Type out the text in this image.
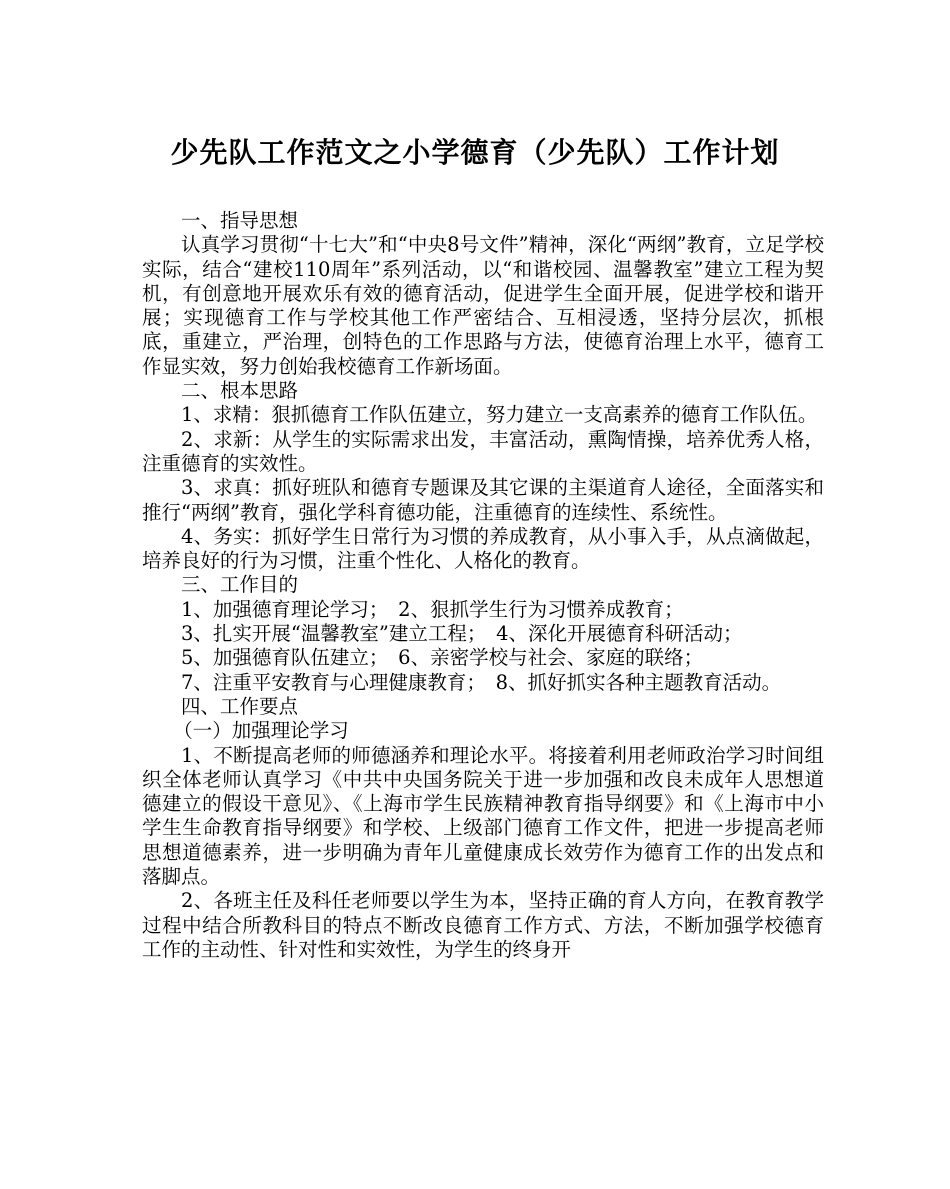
少先队工作范文之小学德育（少先队）工作计划

一、指导思想

认真学习贯彻“十七大”和“中央8号文件”精神，深化“两纲”教育，立足学校实际，结合“建校110周年”系列活动，以“和谐校园、温馨教室”建立工程为契机，有创意地开展欢乐有效的德育活动，促进学生全面开展，促进学校和谐开展；实现德育工作与学校其他工作严密结合、互相浸透，坚持分层次，抓根底，重建立，严治理，创特色的工作思路与方法，使德育治理上水平，德育工作显实效，努力创始我校德育工作新场面。

二、根本思路

1、求精：狠抓德育工作队伍建立，努力建立一支高素养的德育工作队伍。

2、求新：从学生的实际需求出发，丰富活动，熏陶情操，培养优秀人格，注重德育的实效性。

3、求真：抓好班队和德育专题课及其它课的主渠道育人途径，全面落实和推行“两纲”教育，强化学科育德功能，注重德育的连续性、系统性。

4、务实：抓好学生日常行为习惯的养成教育，从小事入手，从点滴做起，培养良好的行为习惯，注重个性化、人格化的教育。

三、工作目的

1、加强德育理论学习；　2、狠抓学生行为习惯养成教育；

3、扎实开展“温馨教室”建立工程；　4、深化开展德育科研活动；

5、加强德育队伍建立；　6、亲密学校与社会、家庭的联络；

7、注重平安教育与心理健康教育；　8、抓好抓实各种主题教育活动。

四、工作要点

（一）加强理论学习

1、不断提高老师的师德涵养和理论水平。将接着利用老师政治学习时间组织全体老师认真学习《中共中央国务院关于进一步加强和改良未成年人思想道德建立的假设干意见》、《上海市学生民族精神教育指导纲要》和《上海市中小学生生命教育指导纲要》和学校、上级部门德育工作文件，把进一步提高老师思想道德素养，进一步明确为青年儿童健康成长效劳作为德育工作的出发点和落脚点。

2、各班主任及科任老师要以学生为本，坚持正确的育人方向，在教育教学过程中结合所教科目的特点不断改良德育工作方式、方法，不断加强学校德育工作的主动性、针对性和实效性，为学生的终身开
